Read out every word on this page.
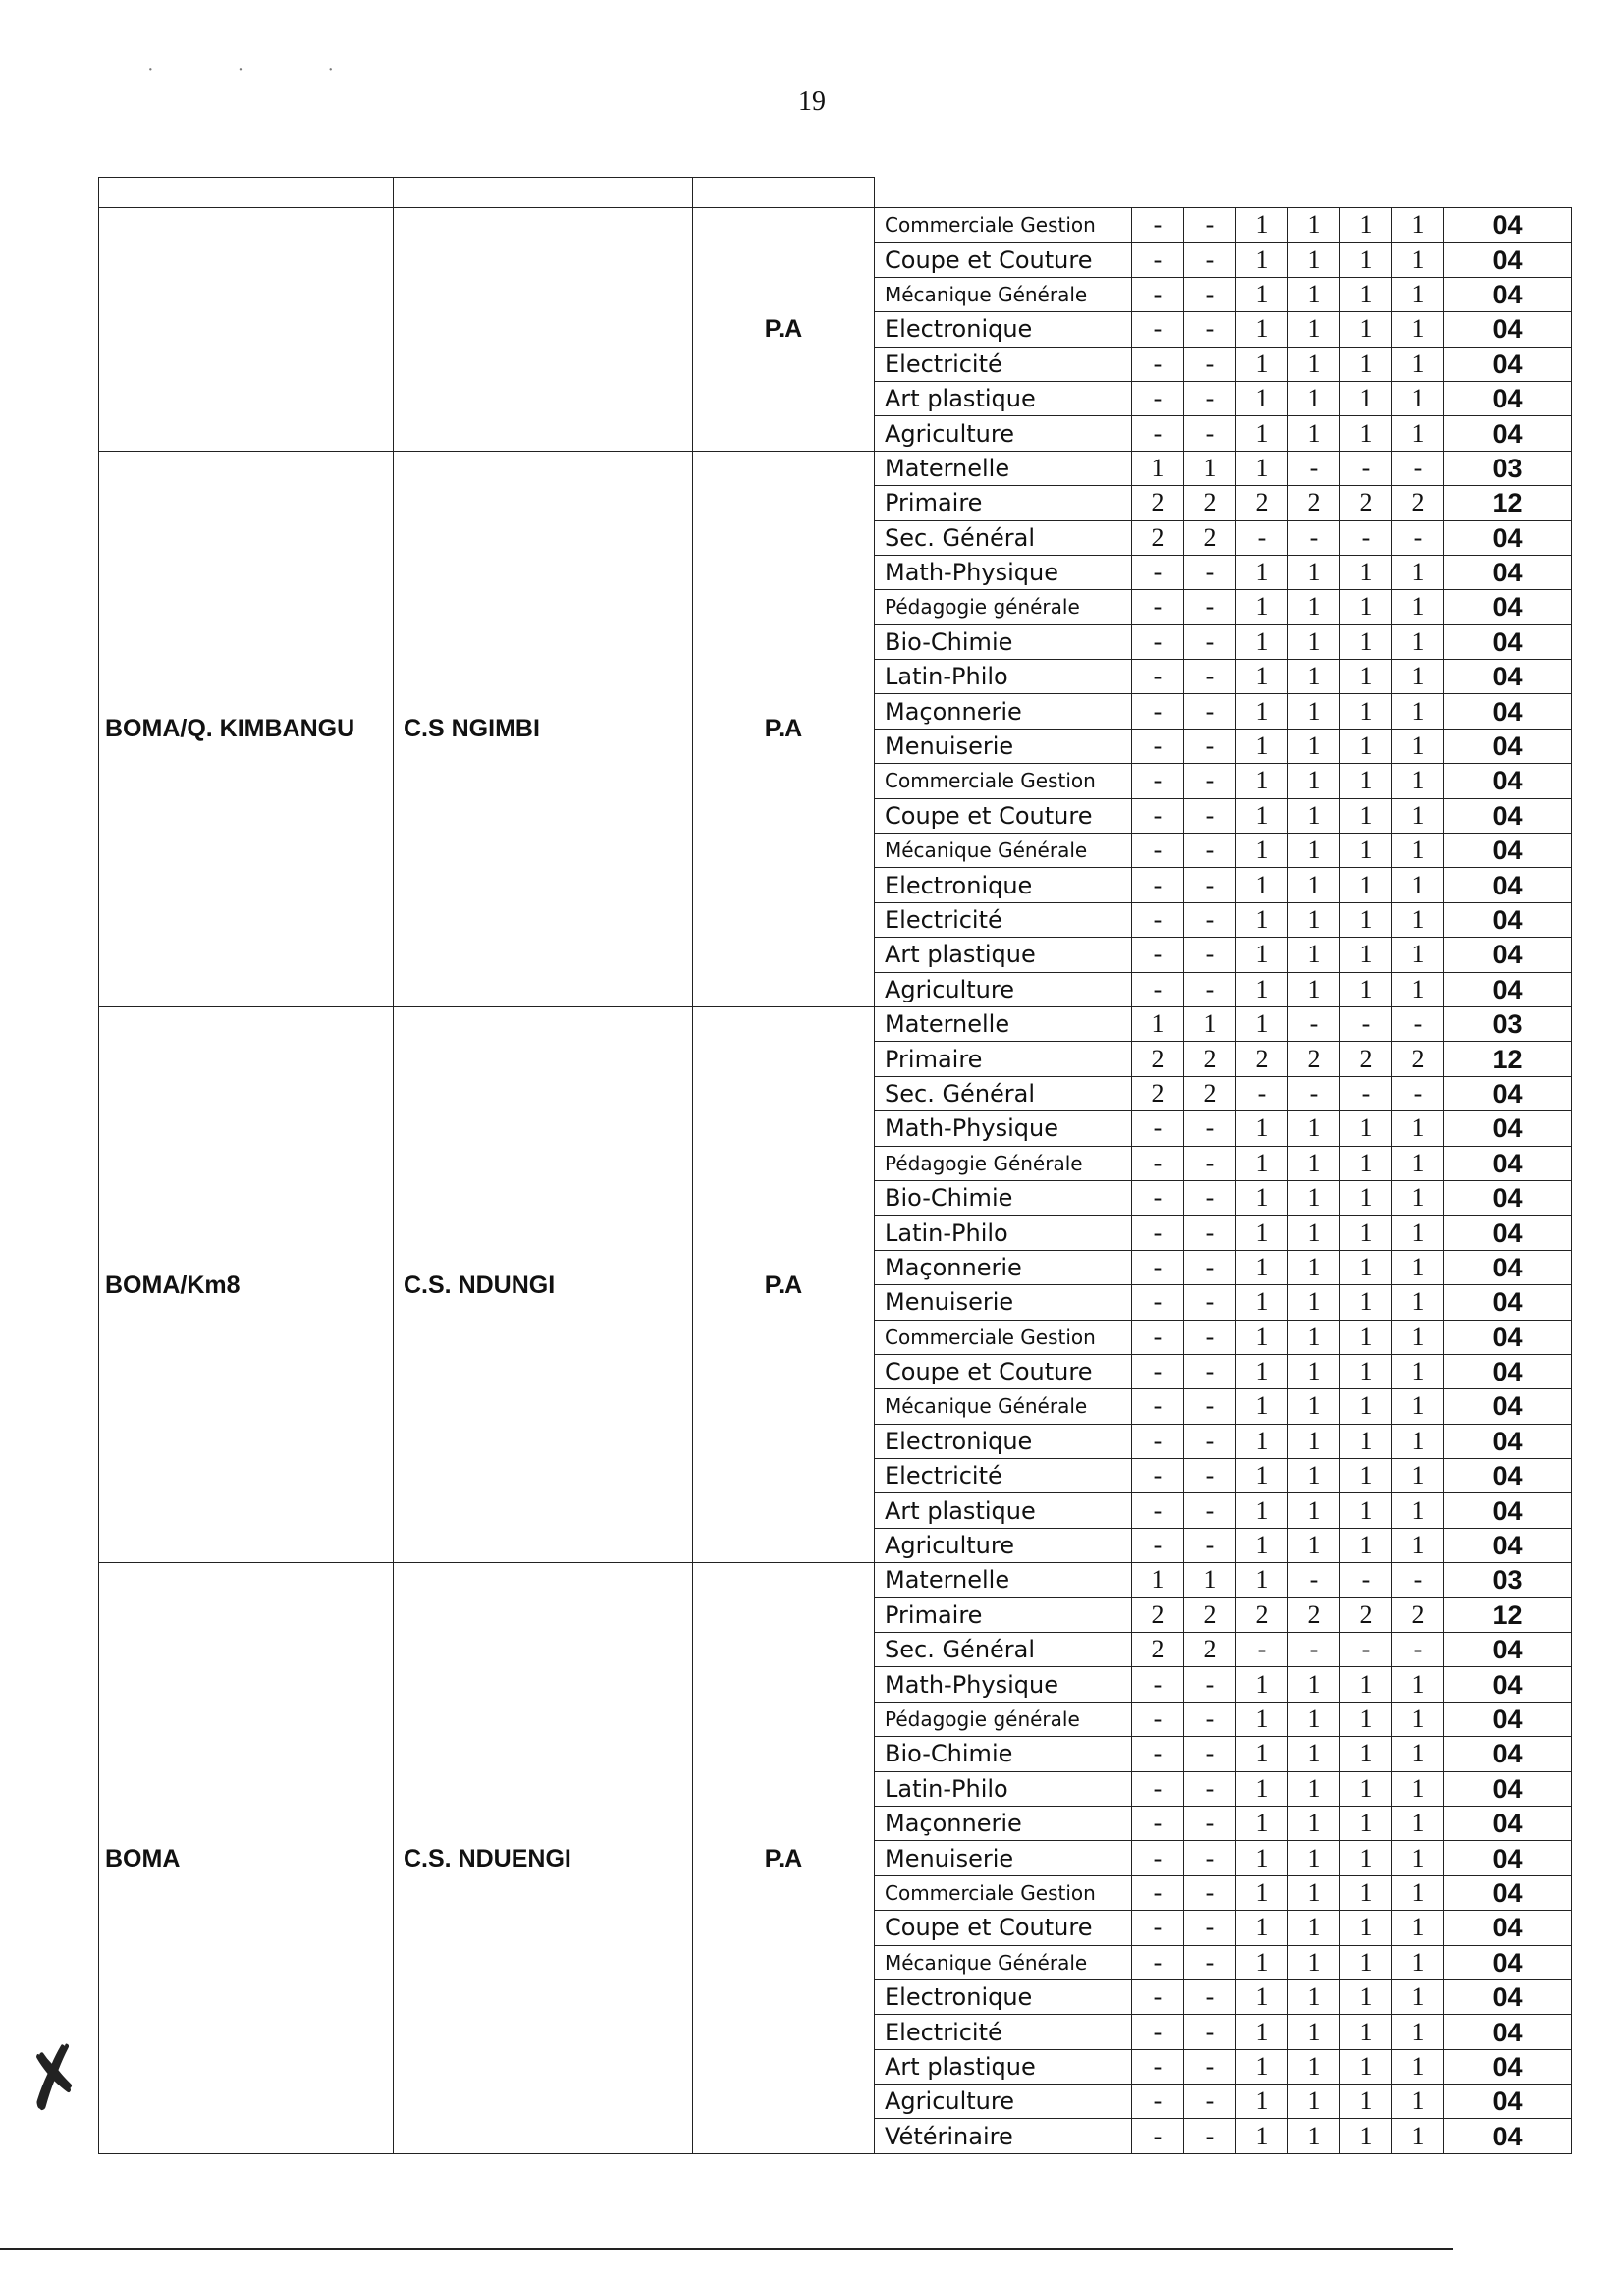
· · ·
19

		P.A	Commerciale Gestion	-	-	1	1	1	1	04
			Coupe et Couture	-	-	1	1	1	1	04
			Mécanique Générale	-	-	1	1	1	1	04
			Electronique	-	-	1	1	1	1	04
			Electricité	-	-	1	1	1	1	04
			Art plastique	-	-	1	1	1	1	04
			Agriculture	-	-	1	1	1	1	04
BOMA/Q. KIMBANGU	C.S NGIMBI	P.A	Maternelle	1	1	1	-	-	-	03
			Primaire	2	2	2	2	2	2	12
			Sec. Général	2	2	-	-	-	-	04
			Math-Physique	-	-	1	1	1	1	04
			Pédagogie générale	-	-	1	1	1	1	04
			Bio-Chimie	-	-	1	1	1	1	04
			Latin-Philo	-	-	1	1	1	1	04
			Maçonnerie	-	-	1	1	1	1	04
			Menuiserie	-	-	1	1	1	1	04
			Commerciale Gestion	-	-	1	1	1	1	04
			Coupe et Couture	-	-	1	1	1	1	04
			Mécanique Générale	-	-	1	1	1	1	04
			Electronique	-	-	1	1	1	1	04
			Electricité	-	-	1	1	1	1	04
			Art plastique	-	-	1	1	1	1	04
			Agriculture	-	-	1	1	1	1	04
BOMA/Km8	C.S. NDUNGI	P.A	Maternelle	1	1	1	-	-	-	03
			Primaire	2	2	2	2	2	2	12
			Sec. Général	2	2	-	-	-	-	04
			Math-Physique	-	-	1	1	1	1	04
			Pédagogie Générale	-	-	1	1	1	1	04
			Bio-Chimie	-	-	1	1	1	1	04
			Latin-Philo	-	-	1	1	1	1	04
			Maçonnerie	-	-	1	1	1	1	04
			Menuiserie	-	-	1	1	1	1	04
			Commerciale Gestion	-	-	1	1	1	1	04
			Coupe et Couture	-	-	1	1	1	1	04
			Mécanique Générale	-	-	1	1	1	1	04
			Electronique	-	-	1	1	1	1	04
			Electricité	-	-	1	1	1	1	04
			Art plastique	-	-	1	1	1	1	04
			Agriculture	-	-	1	1	1	1	04
BOMA	C.S. NDUENGI	P.A	Maternelle	1	1	1	-	-	-	03
			Primaire	2	2	2	2	2	2	12
			Sec. Général	2	2	-	-	-	-	04
			Math-Physique	-	-	1	1	1	1	04
			Pédagogie générale	-	-	1	1	1	1	04
			Bio-Chimie	-	-	1	1	1	1	04
			Latin-Philo	-	-	1	1	1	1	04
			Maçonnerie	-	-	1	1	1	1	04
			Menuiserie	-	-	1	1	1	1	04
			Commerciale Gestion	-	-	1	1	1	1	04
			Coupe et Couture	-	-	1	1	1	1	04
			Mécanique Générale	-	-	1	1	1	1	04
			Electronique	-	-	1	1	1	1	04
			Electricité	-	-	1	1	1	1	04
			Art plastique	-	-	1	1	1	1	04
			Agriculture	-	-	1	1	1	1	04
			Vétérinaire	-	-	1	1	1	1	04
✗
